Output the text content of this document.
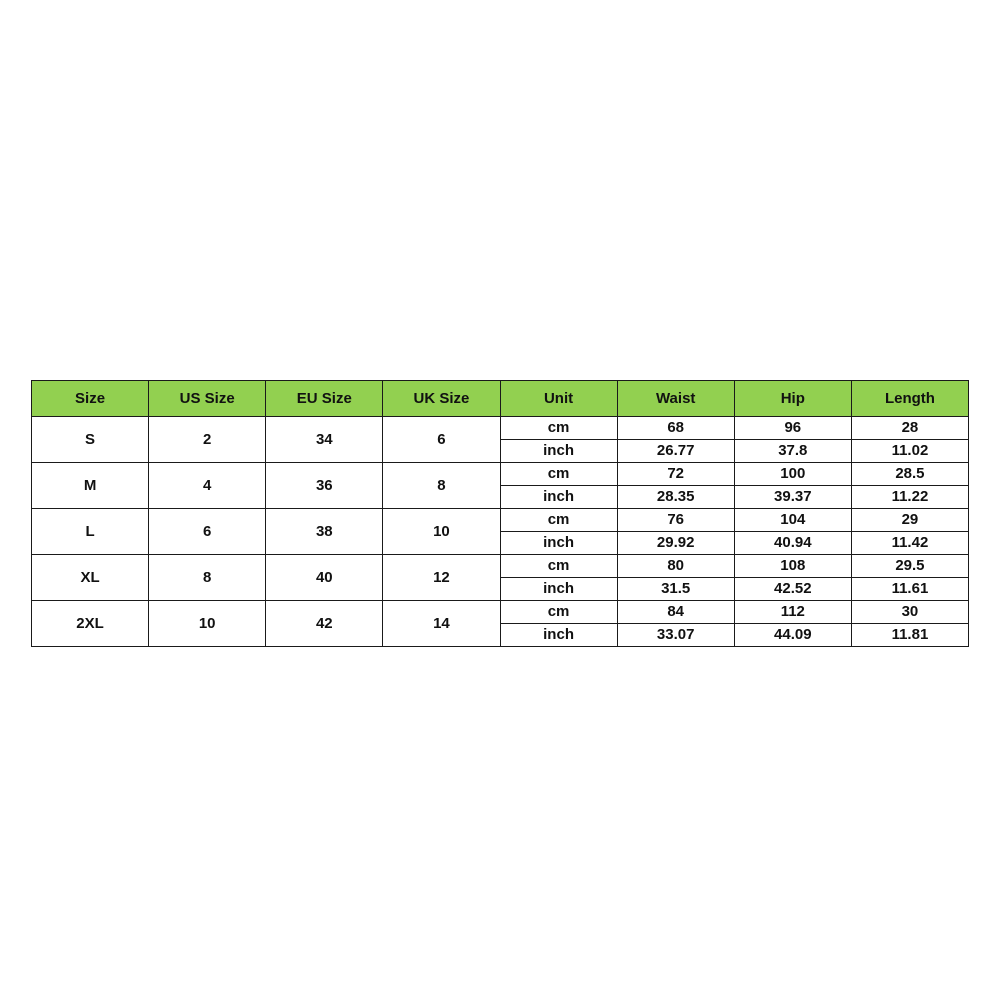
Size	US Size	EU Size	UK Size	Unit	Waist	Hip	Length
S	2	34	6	cm	68	96	28
				inch	26.77	37.8	11.02
M	4	36	8	cm	72	100	28.5
				inch	28.35	39.37	11.22
L	6	38	10	cm	76	104	29
				inch	29.92	40.94	11.42
XL	8	40	12	cm	80	108	29.5
				inch	31.5	42.52	11.61
2XL	10	42	14	cm	84	112	30
				inch	33.07	44.09	11.81
